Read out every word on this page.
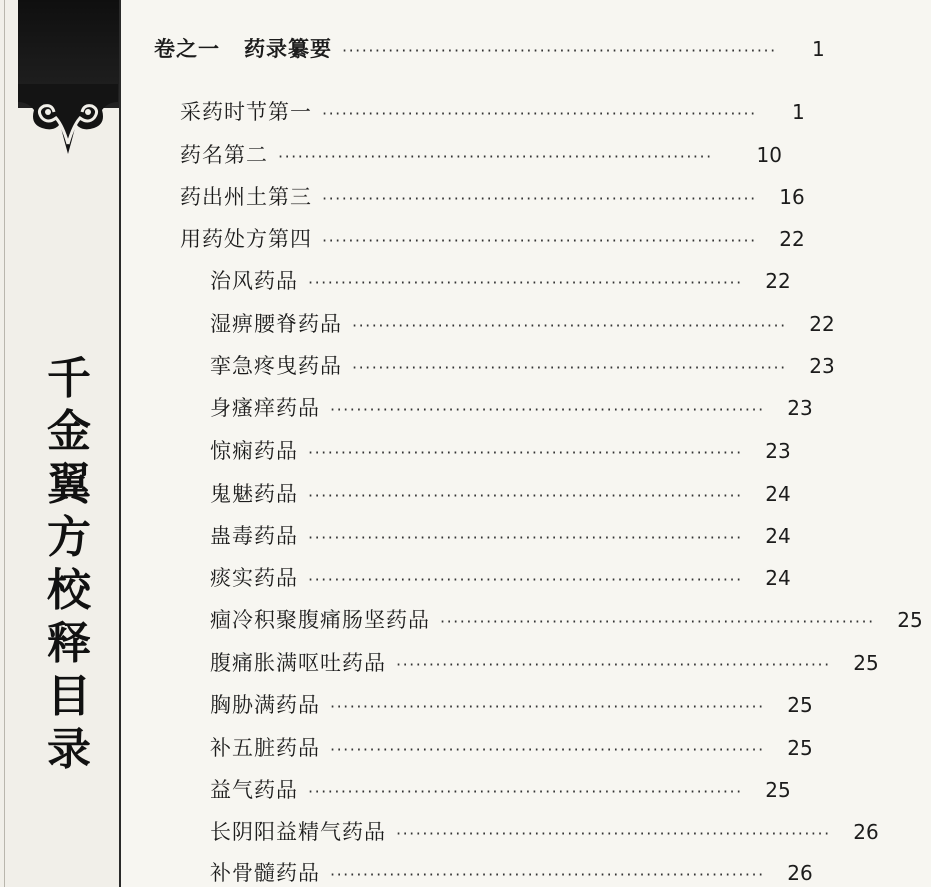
千
金
翼
方
校
释
目
录
卷之一 药录纂要 ··································································	1
采药时节第一 ··································································	1
药名第二 ··································································	10
药出州土第三 ··································································	16
用药处方第四 ··································································	22
治风药品 ··································································	22
湿痹腰脊药品 ··································································	22
挛急疼曳药品 ··································································	23
身瘙痒药品 ··································································	23
惊痫药品 ··································································	23
鬼魅药品 ··································································	24
蛊毒药品 ··································································	24
痰实药品 ··································································	24
痼冷积聚腹痛肠坚药品 ··································································	25
腹痛胀满呕吐药品 ··································································	25
胸胁满药品 ··································································	25
补五脏药品 ··································································	25
益气药品 ··································································	25
长阴阳益精气药品 ··································································	26
补骨髓药品 ··································································	26
